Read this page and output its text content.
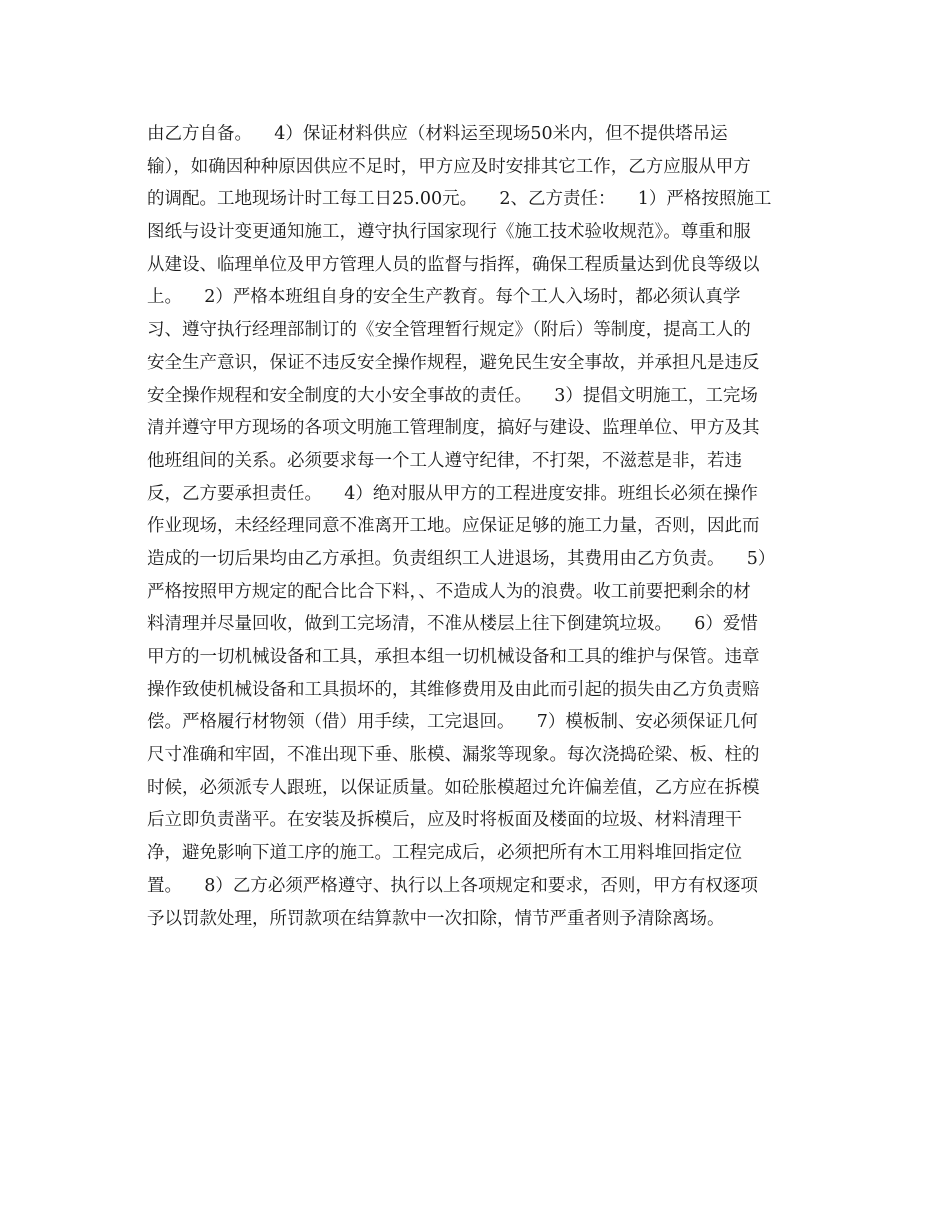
由乙方自备。    4）保证材料供应（材料运至现场50米内，但不提供塔吊运
输），如确因种种原因供应不足时，甲方应及时安排其它工作，乙方应服从甲方
的调配。工地现场计时工每工日25.00元。    2、乙方责任：    1）严格按照施工
图纸与设计变更通知施工，遵守执行国家现行《施工技术验收规范》。尊重和服
从建设、临理单位及甲方管理人员的监督与指挥，确保工程质量达到优良等级以
上。    2）严格本班组自身的安全生产教育。每个工人入场时，都必须认真学
习、遵守执行经理部制订的《安全管理暂行规定》（附后）等制度，提高工人的
安全生产意识，保证不违反安全操作规程，避免民生安全事故，并承担凡是违反
安全操作规程和安全制度的大小安全事故的责任。    3）提倡文明施工，工完场
清并遵守甲方现场的各项文明施工管理制度，搞好与建设、监理单位、甲方及其
他班组间的关系。必须要求每一个工人遵守纪律，不打架，不滋惹是非，若违
反，乙方要承担责任。    4）绝对服从甲方的工程进度安排。班组长必须在操作
作业现场，未经经理同意不准离开工地。应保证足够的施工力量，否则，因此而
造成的一切后果均由乙方承担。负责组织工人进退场，其费用由乙方负责。    5）
严格按照甲方规定的配合比合下料，、不造成人为的浪费。收工前要把剩余的材
料清理并尽量回收，做到工完场清，不准从楼层上往下倒建筑垃圾。    6）爱惜
甲方的一切机械设备和工具，承担本组一切机械设备和工具的维护与保管。违章
操作致使机械设备和工具损坏的，其维修费用及由此而引起的损失由乙方负责赔
偿。严格履行材物领（借）用手续，工完退回。    7）模板制、安必须保证几何
尺寸准确和牢固，不准出现下垂、胀模、漏浆等现象。每次浇捣砼梁、板、柱的
时候，必须派专人跟班，以保证质量。如砼胀模超过允许偏差值，乙方应在拆模
后立即负责凿平。在安装及拆模后，应及时将板面及楼面的垃圾、材料清理干
净，避免影响下道工序的施工。工程完成后，必须把所有木工用料堆回指定位
置。    8）乙方必须严格遵守、执行以上各项规定和要求，否则，甲方有权逐项
予以罚款处理，所罚款项在结算款中一次扣除，情节严重者则予清除离场。
